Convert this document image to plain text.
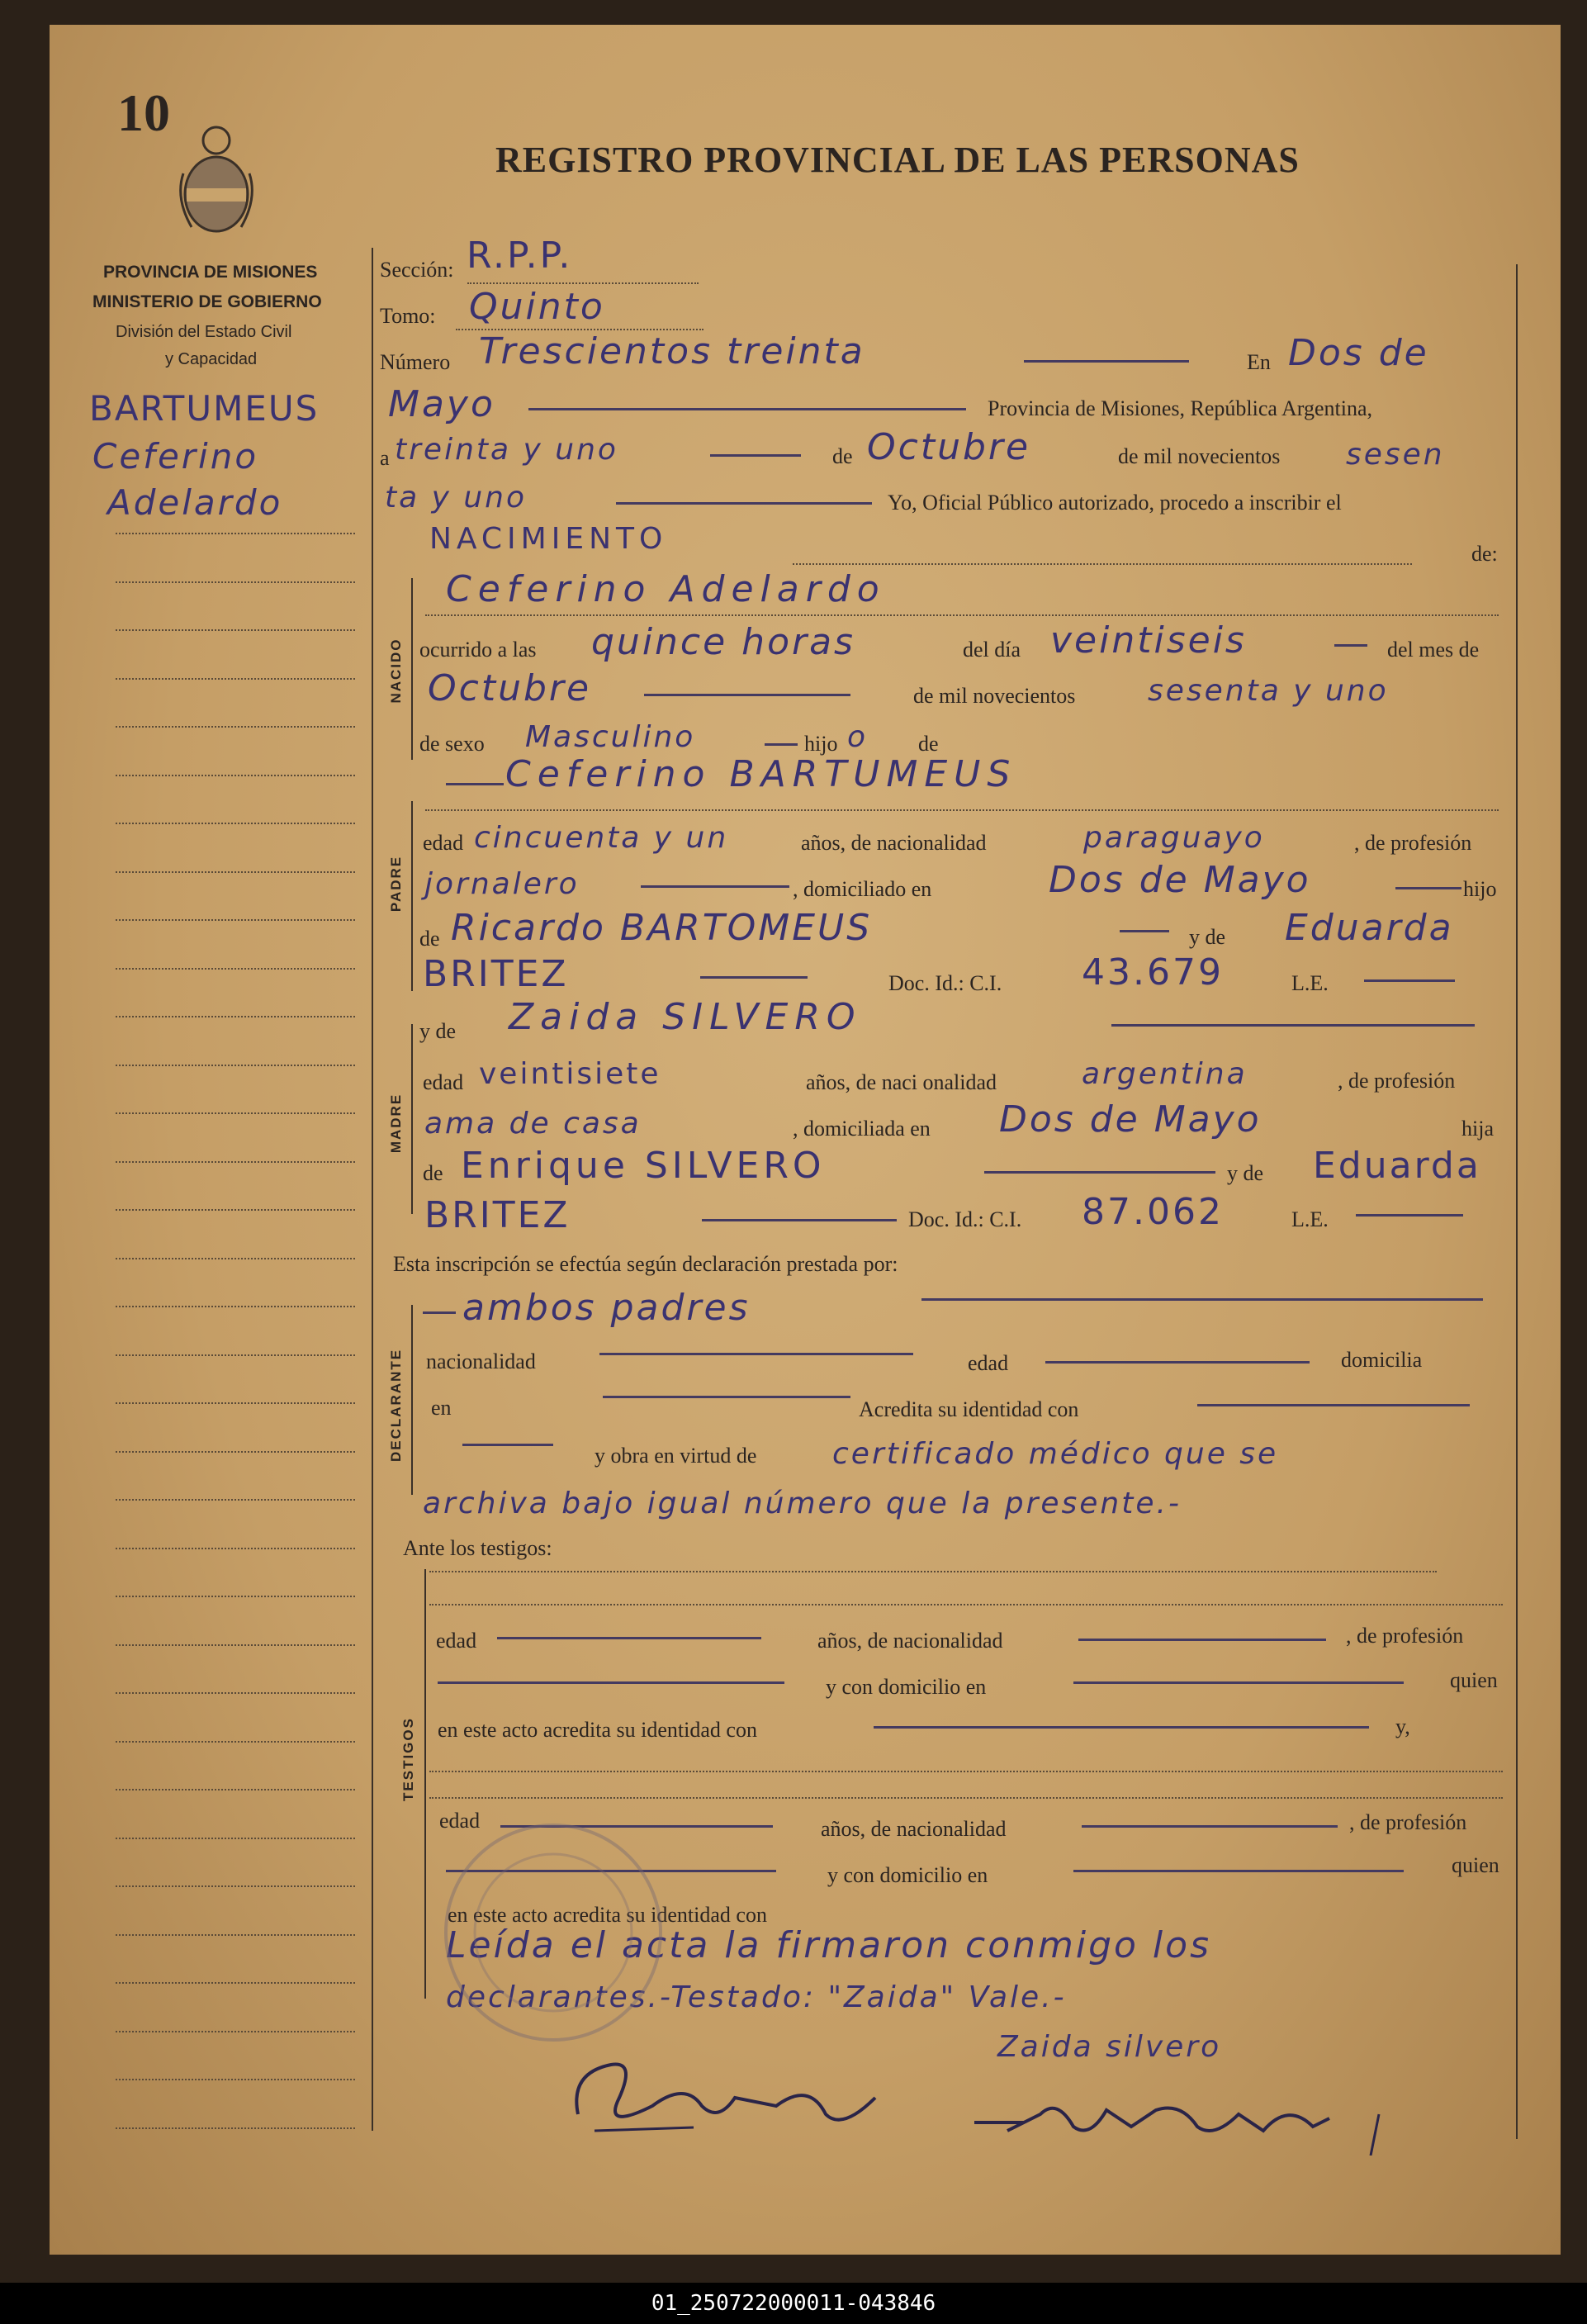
10
REGISTRO PROVINCIAL DE LAS PERSONAS
PROVINCIA DE MISIONES
MINISTERIO DE GOBIERNO
División del Estado Civil
y Capacidad
BARTUMEUS
Ceferino
Adelardo
NACIDO
PADRE
MADRE
DECLARANTE
TESTIGOS
Sección: R.P.P.
Tomo: Quinto
Número Trescientos treinta	En Dos de
Mayo	Provincia de Misiones, República Argentina,
a treinta y uno	de Octubre	de mil novecientos sesen
ta y uno	Yo, Oficial Público autorizado, procedo a inscribir el
NACIMIENTO	de:
Ceferino Adelardo
ocurrido a las quince horas	del día veintiseis	del mes de
Octubre	de mil novecientos sesenta y uno
de sexo Masculino	hijo o de
Ceferino BARTUMEUS
edad cincuenta y un	años, de nacionalidad	paraguayo	, de profesión
jornalero	, domiciliado en	Dos de Mayo	hijo
de Ricardo BARTOMEUS	y de Eduarda
BRITEZ	Doc. Id.: C.I. 43.679	L.E.
y de Zaida SILVERO
edad veintisiete	años, de naci onalidad	argentina	, de profesión
ama de casa	, domiciliada en Dos de Mayo	hija
de Enrique SILVERO	y de Eduarda
BRITEZ	Doc. Id.: C.I. 87.062	L.E.
Esta inscripción se efectúa según declaración prestada por:
ambos padres
nacionalidad	edad	domicilia
en	Acredita su identidad con
y obra en virtud de	certificado médico que se
archiva bajo igual número que la presente.-
Ante los testigos:
edad	años, de nacionalidad	, de profesión
y con domicilio en	quien
en este acto acredita su identidad con	y,
edad	años, de nacionalidad	, de profesión
y con domicilio en	quien
en este acto acredita su identidad con
Leída el acta la firmaron conmigo los
declarantes.-Testado: "Zaida" Vale.-
Zaida silvero
01_250722000011-043846
